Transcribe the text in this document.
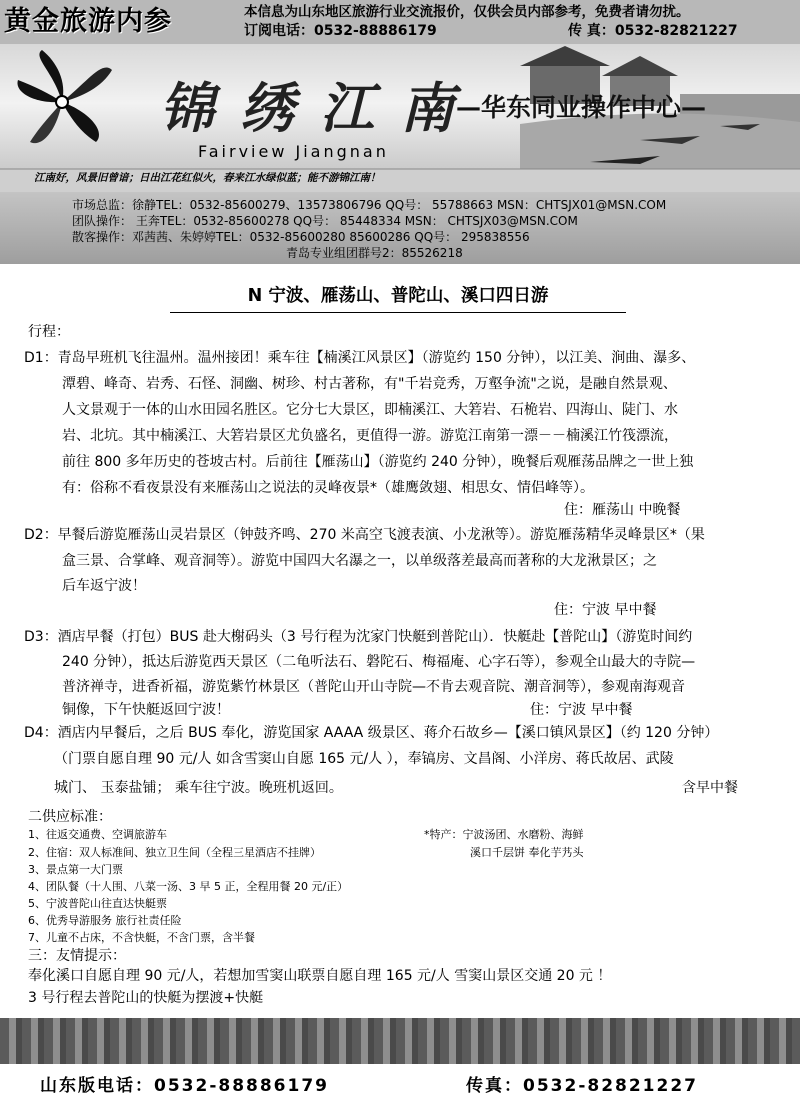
黄金旅游内参	本信息为山东地区旅游行业交流报价，仅供会员内部参考，免费者请勿扰。
订阅电话：0532-88886179	传 真：0532-82821227
锦绣江南
—华东同业操作中心—
Fairview Jiangnan
江南好，风景旧曾谙；日出江花红似火，春来江水绿似蓝；能不游锦江南！
市场总监：徐静TEL：0532-85600279、13573806796 QQ号： 55788663 MSN：CHTSJX01@MSN.COM
团队操作： 王奔TEL：0532-85600278 QQ号： 85448334 MSN： CHTSJX03@MSN.COM
散客操作：邓茜茜、朱婷婷TEL：0532-85600280 85600286 QQ号： 295838556
青岛专业组团群号2：85526218
N 宁波、雁荡山、普陀山、溪口四日游
行程：
D1：青岛早班机飞往温州。温州接团！乘车往【楠溪江风景区】（游览约 150 分钟），以江美、涧曲、瀑多、
潭碧、峰奇、岩秀、石怪、洞幽、树珍、村古著称，有"千岩竞秀，万壑争流"之说，是融自然景观、
人文景观于一体的山水田园名胜区。它分七大景区，即楠溪江、大箬岩、石桅岩、四海山、陡门、水
岩、北坑。其中楠溪江、大箬岩景区尤负盛名，更值得一游。游览江南第一漂－－楠溪江竹筏漂流，
前往 800 多年历史的苍坡古村。后前往【雁荡山】（游览约 240 分钟），晚餐后观雁荡品牌之一世上独
有：俗称不看夜景没有来雁荡山之说法的灵峰夜景*（雄鹰敛翅、相思女、情侣峰等）。
住：雁荡山 中晚餐
D2：早餐后游览雁荡山灵岩景区（钟鼓齐鸣、270 米高空飞渡表演、小龙湫等）。游览雁荡精华灵峰景区*（果
盒三景、合掌峰、观音洞等）。游览中国四大名瀑之一，以单级落差最高而著称的大龙湫景区；之
后车返宁波！
住：宁波 早中餐
D3：酒店早餐（打包）BUS 赴大榭码头（3 号行程为沈家门快艇到普陀山）．快艇赴【普陀山】（游览时间约
240 分钟），抵达后游览西天景区（二龟听法石、磐陀石、梅福庵、心字石等），参观全山最大的寺院—
普济禅寺，进香祈福，游览紫竹林景区（普陀山开山寺院—不肯去观音院、潮音洞等），参观南海观音
铜像，下午快艇返回宁波！	住：宁波 早中餐
D4：酒店内早餐后，之后 BUS 奉化，游览国家 AAAA 级景区、蒋介石故乡—【溪口镇风景区】（约 120 分钟）
（门票自愿自理 90 元/人 如含雪窦山自愿 165 元/人 ），奉镐房、文昌阁、小洋房、蒋氏故居、武陵
城门、 玉泰盐铺； 乘车往宁波。晚班机返回。	含早中餐
二供应标准：
1、往返交通费、空调旅游车
2、住宿：双人标准间、独立卫生间（全程三星酒店不挂牌）
3、景点第一大门票
4、团队餐（十人围、八菜一汤、3 早 5 正，全程用餐 20 元/正）
5、宁波普陀山往直达快艇票
6、优秀导游服务 旅行社责任险
7、儿童不占床，不含快艇，不含门票，含半餐
*特产：宁波汤团、水磨粉、海鲜
溪口千层饼 奉化芋艿头
三：友情提示：
奉化溪口自愿自理 90 元/人，若想加雪窦山联票自愿自理 165 元/人 雪窦山景区交通 20 元 ！
3 号行程去普陀山的快艇为摆渡+快艇
山东版电话：0532-88886179	传真：0532-82821227
